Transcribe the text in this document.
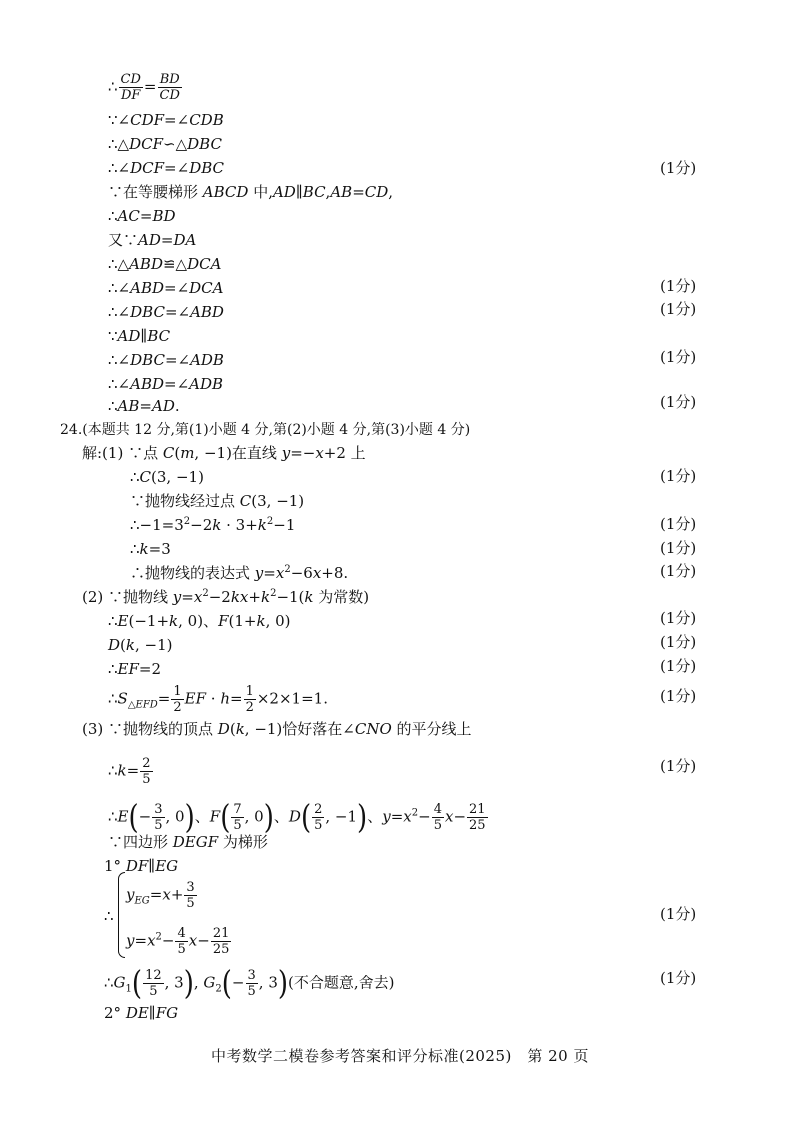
∴ $\frac{CD}{DF} = \frac{BD}{CD}$
∵∠CDF=∠CDB
∴△DCF∽△DBC
∴∠DCF=∠DBC	(1分)
∵在等腰梯形 ABCD 中,AD∥BC,AB=CD,
∴AC=BD
又∵AD=DA
∴△ABD≌△DCA
∴∠ABD=∠DCA	(1分)
∴∠DBC=∠ABD	(1分)
∵AD∥BC
∴∠DBC=∠ADB	(1分)
∴∠ABD=∠ADB
∴AB=AD.	(1分)
24.(本题共 12 分,第(1)小题 4 分,第(2)小题 4 分,第(3)小题 4 分)
解:(1) ∵点 C(m, −1)在直线 y=−x+2 上
∴C(3, −1)	(1分)
∵抛物线经过点 C(3, −1)
$\therefore-1=3^2-2k \cdot 3+k^2-1$	(1分)
∴k=3	(1分)
∴抛物线的表达式 $y=x^2-6x+8$.	(1分)
(2) ∵抛物线 $y=x^2-2kx+k^2-1(k$ 为常数)
∴E(−1+k, 0)、F(1+k, 0)	(1分)
D(k, −1)	(1分)
∴EF=2	(1分)
$\therefore S_{\triangle EFD}= \frac{1}{2}$ EF · $h= \frac{1}{2} \times 2\times 1=1$.	(1分)
(3) ∵抛物线的顶点 D(k, −1)恰好落在∠CNO 的平分线上
∴k= $\frac{2}{5}$	(1分)
∴E(− $\frac{3}{5}$ , 0)、$F( \frac{7}{5}$ , 0)、$D( \frac{2}{5}$ , −1)、$y=x^2- \frac{4}{5} x- \frac{21}{25}$
∵四边形 DEGF 为梯形
1° DF∥EG
∴
$y_{EG}=x+ \frac{3}{5}$
$y=x^2- \frac{4}{5} x- \frac{21}{25}$
(1分)
$\therefore G_1( \frac{12}{5}$ , 3), $G_2(- \frac{3}{5}$ , 3)(不合题意,舍去)	(1分)
2° DE∥FG
中考数学二模卷参考答案和评分标准(2025)　第 20 页
